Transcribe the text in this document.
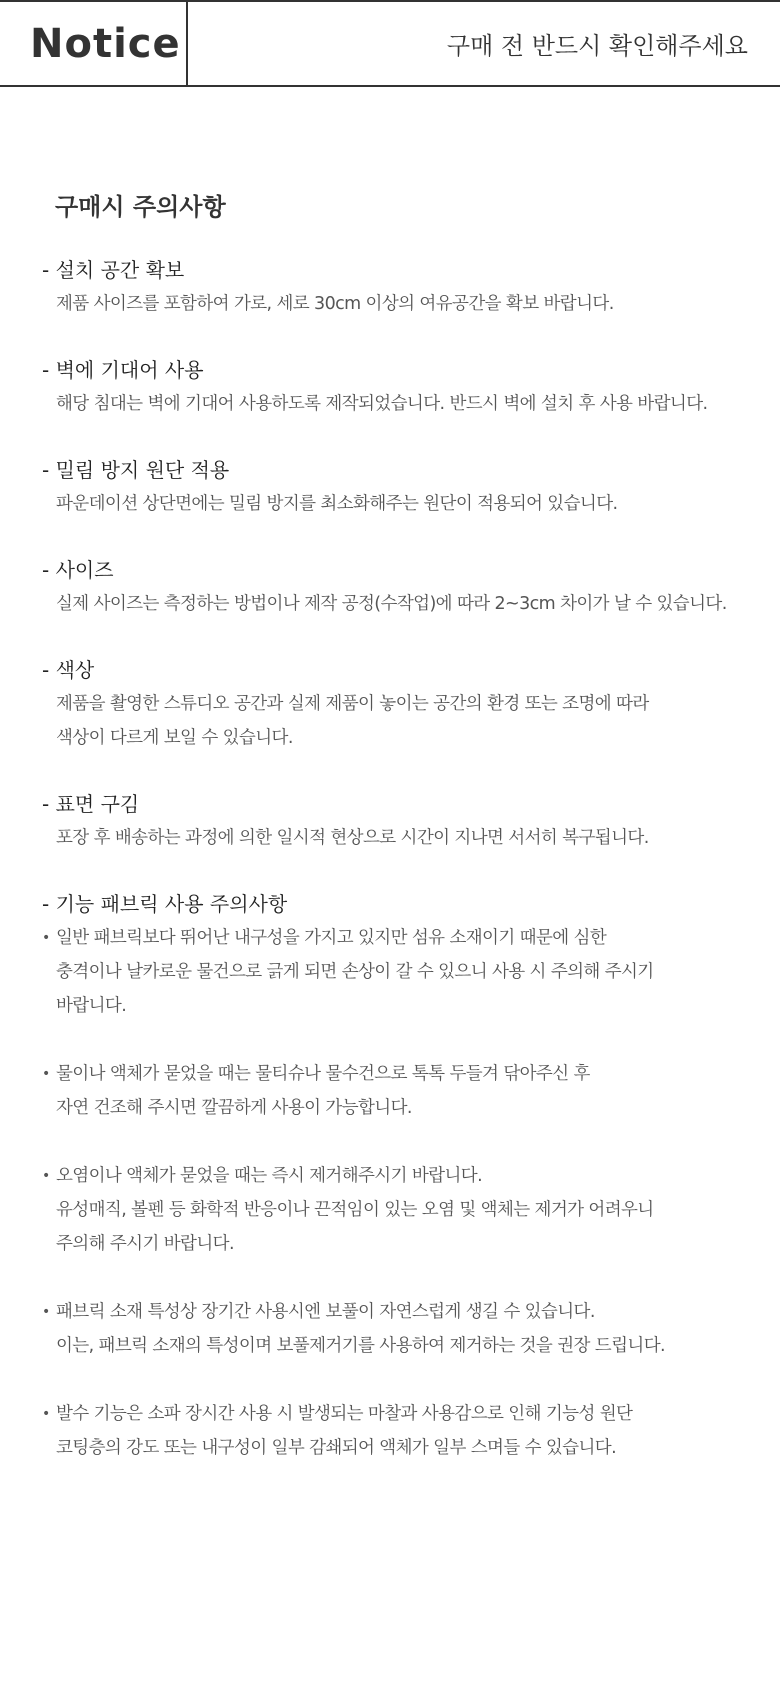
Notice	구매 전 반드시 확인해주세요
구매시 주의사항
- 설치 공간 확보
제품 사이즈를 포함하여 가로, 세로 30cm 이상의 여유공간을 확보 바랍니다.
- 벽에 기대어 사용
해당 침대는 벽에 기대어 사용하도록 제작되었습니다. 반드시 벽에 설치 후 사용 바랍니다.
- 밀림 방지 원단 적용
파운데이션 상단면에는 밀림 방지를 최소화해주는 원단이 적용되어 있습니다.
- 사이즈
실제 사이즈는 측정하는 방법이나 제작 공정(수작업)에 따라 2~3cm 차이가 날 수 있습니다.
- 색상
제품을 촬영한 스튜디오 공간과 실제 제품이 놓이는 공간의 환경 또는 조명에 따라
색상이 다르게 보일 수 있습니다.
- 표면 구김
포장 후 배송하는 과정에 의한 일시적 현상으로 시간이 지나면 서서히 복구됩니다.
- 기능 패브릭 사용 주의사항
• 일반 패브릭보다 뛰어난 내구성을 가지고 있지만 섬유 소재이기 때문에 심한
충격이나 날카로운 물건으로 긁게 되면 손상이 갈 수 있으니 사용 시 주의해 주시기
바랍니다.
• 물이나 액체가 묻었을 때는 물티슈나 물수건으로 톡톡 두들겨 닦아주신 후
자연 건조해 주시면 깔끔하게 사용이 가능합니다.
• 오염이나 액체가 묻었을 때는 즉시 제거해주시기 바랍니다.
유성매직, 볼펜 등 화학적 반응이나 끈적임이 있는 오염 및 액체는 제거가 어려우니
주의해 주시기 바랍니다.
• 패브릭 소재 특성상 장기간 사용시엔 보풀이 자연스럽게 생길 수 있습니다.
이는, 패브릭 소재의 특성이며 보풀제거기를 사용하여 제거하는 것을 권장 드립니다.
• 발수 기능은 소파 장시간 사용 시 발생되는 마찰과 사용감으로 인해 기능성 원단
코팅층의 강도 또는 내구성이 일부 감쇄되어 액체가 일부 스며들 수 있습니다.
